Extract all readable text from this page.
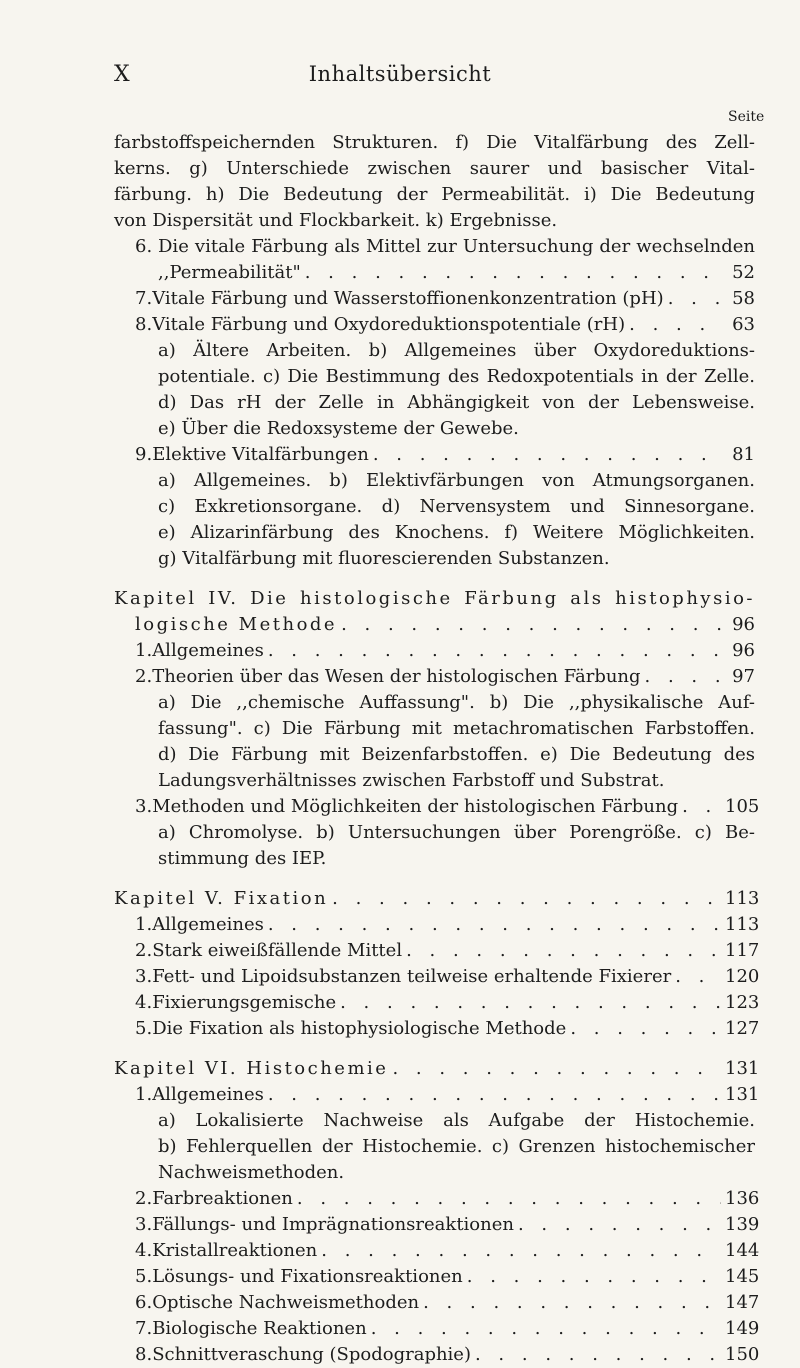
X	Inhaltsübersicht
Seite
farbstoffspeichernden Strukturen. f) Die Vitalfärbung des Zell-
kerns. g) Unterschiede zwischen saurer und basischer Vital-
färbung. h) Die Bedeutung der Permeabilität. i) Die Bedeutung
von Dispersität und Flockbarkeit. k) Ergebnisse.
6. Die vitale Färbung als Mittel zur Untersuchung der wechselnden
,,Permeabilität" . . .	52
7. Vitale Färbung und Wasserstoffionenkonzentration (pH) . . .	58
8. Vitale Färbung und Oxydoreduktionspotentiale (rH) . . .	63
a) Ältere Arbeiten. b) Allgemeines über Oxydoreduktions-
potentiale. c) Die Bestimmung des Redoxpotentials in der Zelle.
d) Das rH der Zelle in Abhängigkeit von der Lebensweise.
e) Über die Redoxsysteme der Gewebe.
9. Elektive Vitalfärbungen . . .	81
a) Allgemeines. b) Elektivfärbungen von Atmungsorganen.
c) Exkretionsorgane. d) Nervensystem und Sinnesorgane.
e) Alizarinfärbung des Knochens. f) Weitere Möglichkeiten.
g) Vitalfärbung mit fluorescierenden Substanzen.
Kapitel IV. Die histologische Färbung als histophysio-
logische Methode . . .	96
1. Allgemeines . . .	96
2. Theorien über das Wesen der histologischen Färbung . . .	97
a) Die ,,chemische Auffassung". b) Die ,,physikalische Auf-
fassung". c) Die Färbung mit metachromatischen Farbstoffen.
d) Die Färbung mit Beizenfarbstoffen. e) Die Bedeutung des
Ladungsverhältnisses zwischen Farbstoff und Substrat.
3. Methoden und Möglichkeiten der histologischen Färbung . . .	105
a) Chromolyse. b) Untersuchungen über Porengröße. c) Be-
stimmung des IEP.
Kapitel V. Fixation . . .	113
1. Allgemeines . . .	113
2. Stark eiweißfällende Mittel . . .	117
3. Fett- und Lipoidsubstanzen teilweise erhaltende Fixierer . . .	120
4. Fixierungsgemische . . .	123
5. Die Fixation als histophysiologische Methode . . .	127
Kapitel VI. Histochemie . . .	131
1. Allgemeines . . .	131
a) Lokalisierte Nachweise als Aufgabe der Histochemie.
b) Fehlerquellen der Histochemie. c) Grenzen histochemischer
Nachweismethoden.
2. Farbreaktionen . . .	136
3. Fällungs- und Imprägnationsreaktionen . . .	139
4. Kristallreaktionen . . .	144
5. Lösungs- und Fixationsreaktionen . . .	145
6. Optische Nachweismethoden . . .	147
7. Biologische Reaktionen . . .	149
8. Schnittveraschung (Spodographie) . . .	150
